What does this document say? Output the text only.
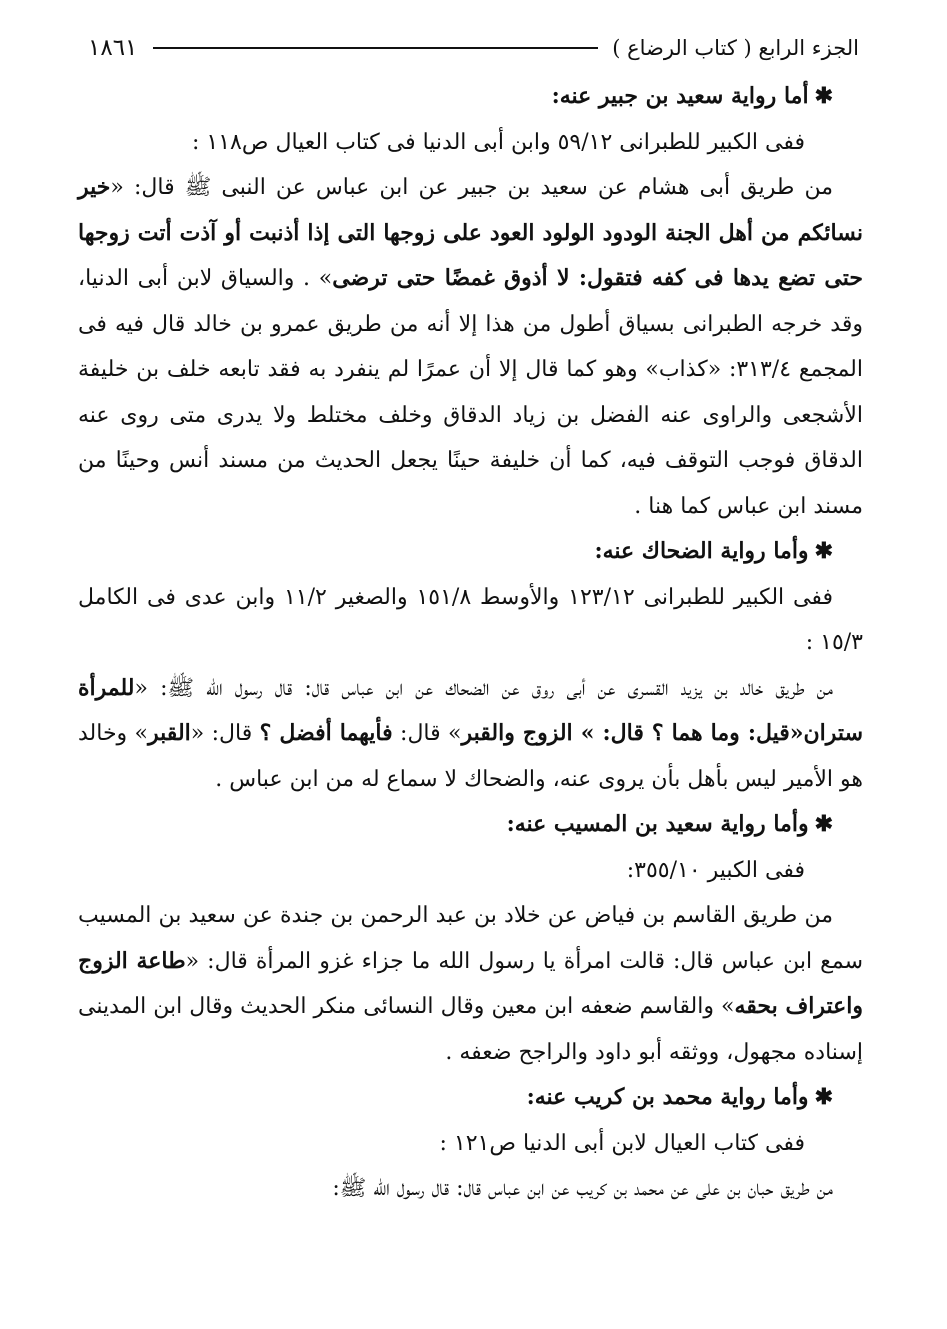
الجزء الرابع ( كتاب الرضاع )
١٨٦١

✱أما رواية سعيد بن جبير عنه:

ففى الكبير للطبرانى ٥٩/١٢ وابن أبى الدنيا فى كتاب العيال ص١١٨ :

من طريق أبى هشام عن سعيد بن جبير عن ابن عباس عن النبى ﷺ قال: «خير نسائكم من أهل الجنة الودود الولود العود على زوجها التى إذا أذنبت أو آذت أتت زوجها حتى تضع يدها فى كفه فتقول: لا أذوق غمضًا حتى ترضى» . والسياق لابن أبى الدنيا، وقد خرجه الطبرانى بسياق أطول من هذا إلا أنه من طريق عمرو بن خالد قال فيه فى المجمع ٣١٣/٤: «كذاب» وهو كما قال إلا أن عمرًا لم ينفرد به فقد تابعه خلف بن خليفة الأشجعى والراوى عنه الفضل بن زياد الدقاق وخلف مختلط ولا يدرى متى روى عنه الدقاق فوجب التوقف فيه، كما أن خليفة حينًا يجعل الحديث من مسند أنس وحينًا من مسند ابن عباس كما هنا .

✱وأما رواية الضحاك عنه:

ففى الكبير للطبرانى ١٢٣/١٢ والأوسط ١٥١/٨ والصغير ١١/٢ وابن عدى فى الكامل ١٥/٣ :

من طريق خالد بن يزيد القسرى عن أبى روق عن الضحاك عن ابن عباس قال: قال رسول الله ﷺ: «للمرأة ستران«قيل: وما هما ؟ قال: » الزوج والقبر» قال: فأيهما أفضل ؟ قال: «القبر» وخالد هو الأمير ليس بأهل بأن يروى عنه، والضحاك لا سماع له من ابن عباس .

✱وأما رواية سعيد بن المسيب عنه:

ففى الكبير ٣٥٥/١٠:

من طريق القاسم بن فياض عن خلاد بن عبد الرحمن بن جندة عن سعيد بن المسيب سمع ابن عباس قال: قالت امرأة يا رسول الله ما جزاء غزو المرأة قال: «طاعة الزوج واعتراف بحقه» والقاسم ضعفه ابن معين وقال النسائى منكر الحديث وقال ابن المدينى إسناده مجهول، ووثقه أبو داود والراجح ضعفه .

✱وأما رواية محمد بن كريب عنه:

ففى كتاب العيال لابن أبى الدنيا ص١٢١ :

من طريق حبان بن على عن محمد بن كريب عن ابن عباس قال: قال رسول الله ﷺ:
